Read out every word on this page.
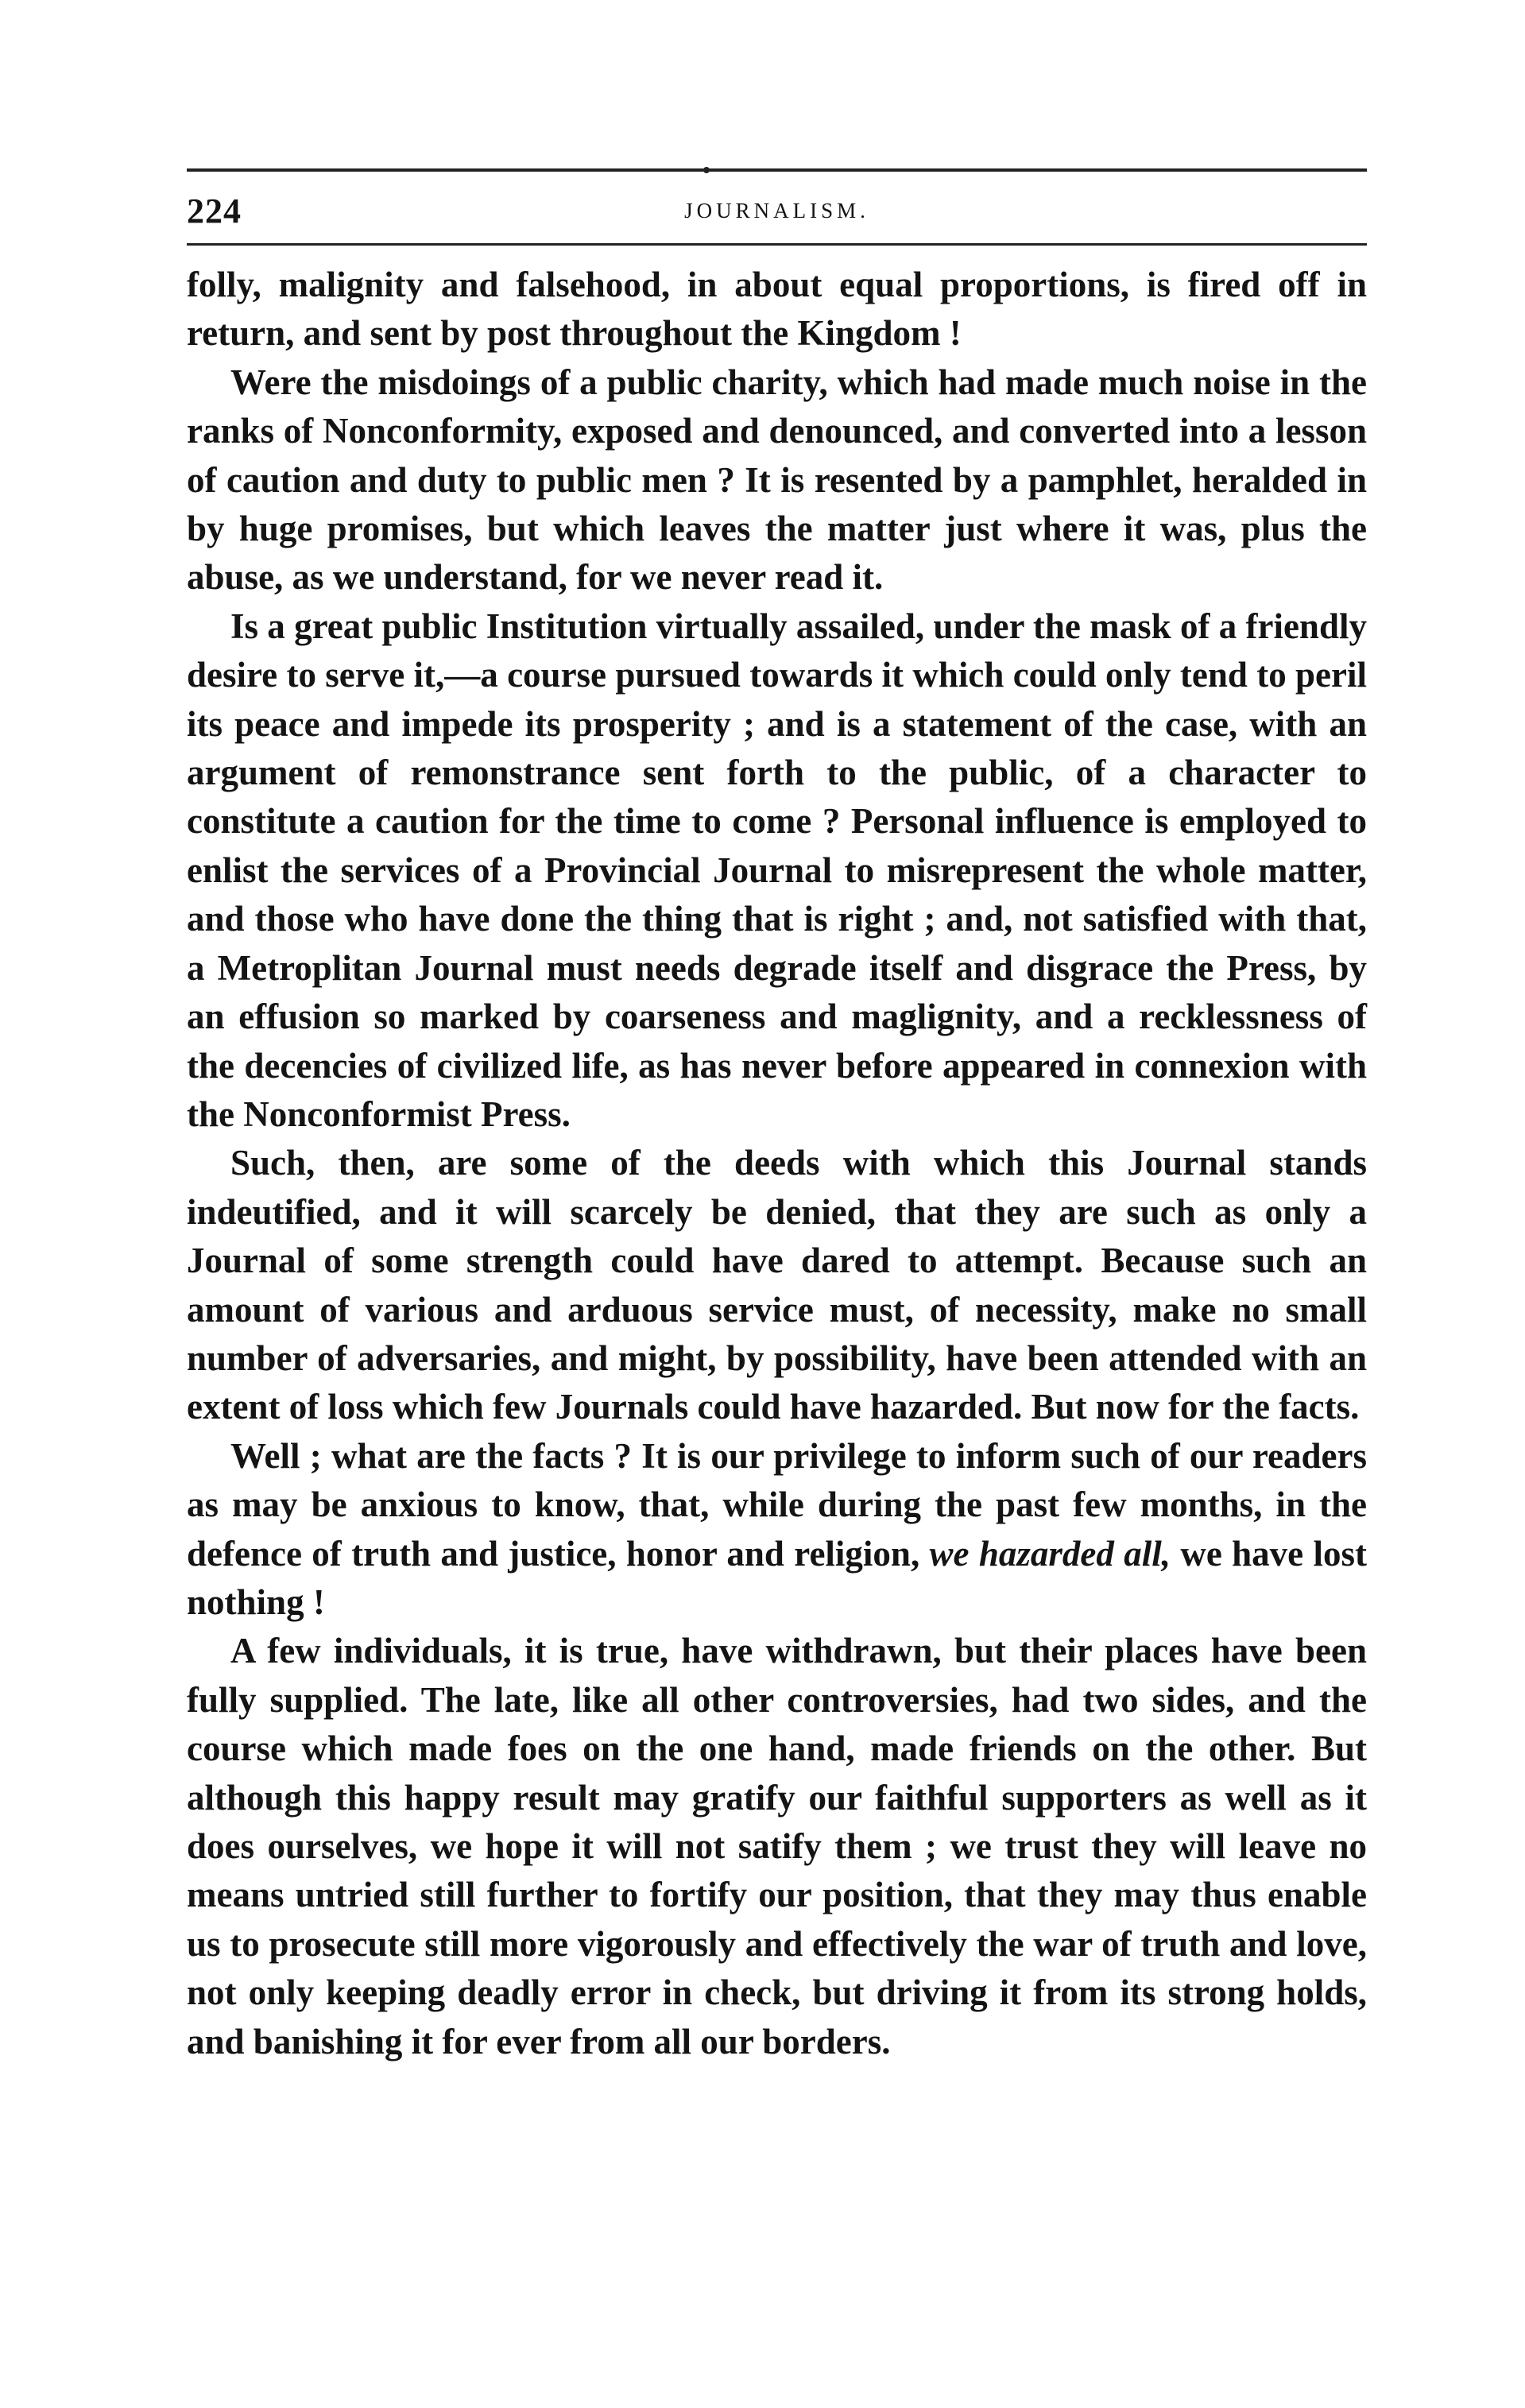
224	JOURNALISM.

folly, malignity and falsehood, in about equal proportions, is fired off in return, and sent by post throughout the Kingdom !

Were the misdoings of a public charity, which had made much noise in the ranks of Nonconformity, exposed and denounced, and converted into a lesson of caution and duty to public men ? It is resented by a pamphlet, heralded in by huge promises, but which leaves the matter just where it was, plus the abuse, as we understand, for we never read it.

Is a great public Institution virtually assailed, under the mask of a friendly desire to serve it,—a course pursued towards it which could only tend to peril its peace and impede its prosperity ; and is a statement of the case, with an argument of remonstrance sent forth to the public, of a character to constitute a caution for the time to come ? Personal influence is employed to enlist the services of a Provincial Journal to misrepresent the whole matter, and those who have done the thing that is right ; and, not satisfied with that, a Metroplitan Journal must needs degrade itself and disgrace the Press, by an effusion so marked by coarseness and maglignity, and a recklessness of the decencies of civilized life, as has never before appeared in connexion with the Nonconformist Press.

Such, then, are some of the deeds with which this Journal stands indeutified, and it will scarcely be denied, that they are such as only a Journal of some strength could have dared to attempt. Because such an amount of various and arduous service must, of necessity, make no small number of adversaries, and might, by possibility, have been attended with an extent of loss which few Journals could have hazarded. But now for the facts.

Well ; what are the facts ? It is our privilege to inform such of our readers as may be anxious to know, that, while during the past few months, in the defence of truth and justice, honor and religion, we hazarded all, we have lost nothing !

A few individuals, it is true, have withdrawn, but their places have been fully supplied. The late, like all other controversies, had two sides, and the course which made foes on the one hand, made friends on the other. But although this happy result may gratify our faithful supporters as well as it does ourselves, we hope it will not satify them ; we trust they will leave no means untried still further to fortify our position, that they may thus enable us to prosecute still more vigorously and effectively the war of truth and love, not only keeping deadly error in check, but driving it from its strong holds, and banishing it for ever from all our borders.
